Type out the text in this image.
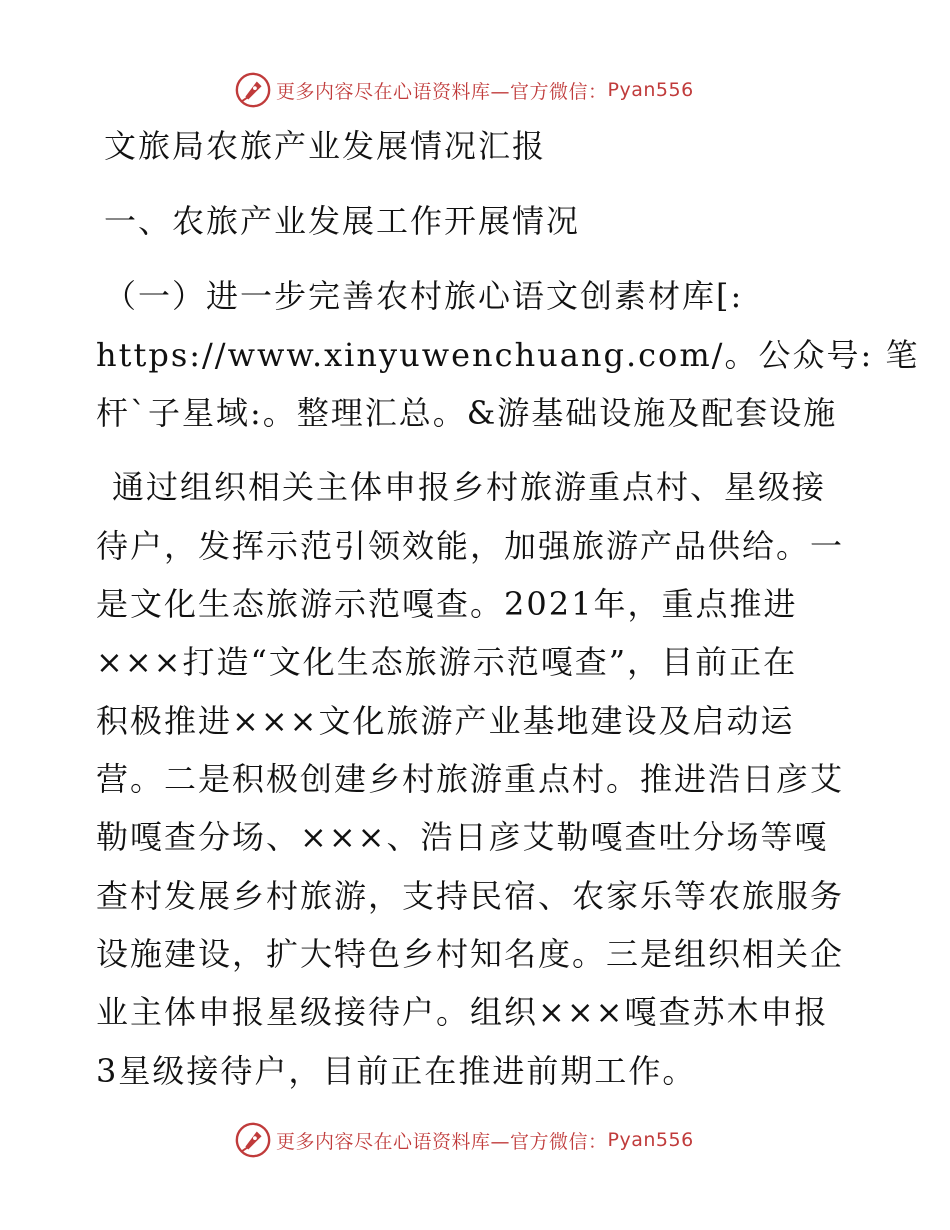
更多内容尽在心语资料库—官方微信： Pyan556
文旅局农旅产业发展情况汇报
一、农旅产业发展工作开展情况
（一）进一步完善农村旅心语文创素材库[:
https://www.xinyuwenchuang.com/。公众号: 笔
杆`子星域:。整理汇总。&游基础设施及配套设施
通过组织相关主体申报乡村旅游重点村、星级接
待户，发挥示范引领效能，加强旅游产品供给。一
是文化生态旅游示范嘎查。2021年，重点推进
×××打造“文化生态旅游示范嘎查”，目前正在
积极推进×××文化旅游产业基地建设及启动运
营。二是积极创建乡村旅游重点村。推进浩日彦艾
勒嘎查分场、×××、浩日彦艾勒嘎查吐分场等嘎
查村发展乡村旅游，支持民宿、农家乐等农旅服务
设施建设，扩大特色乡村知名度。三是组织相关企
业主体申报星级接待户。组织×××嘎查苏木申报
3星级接待户，目前正在推进前期工作。
更多内容尽在心语资料库—官方微信： Pyan556
